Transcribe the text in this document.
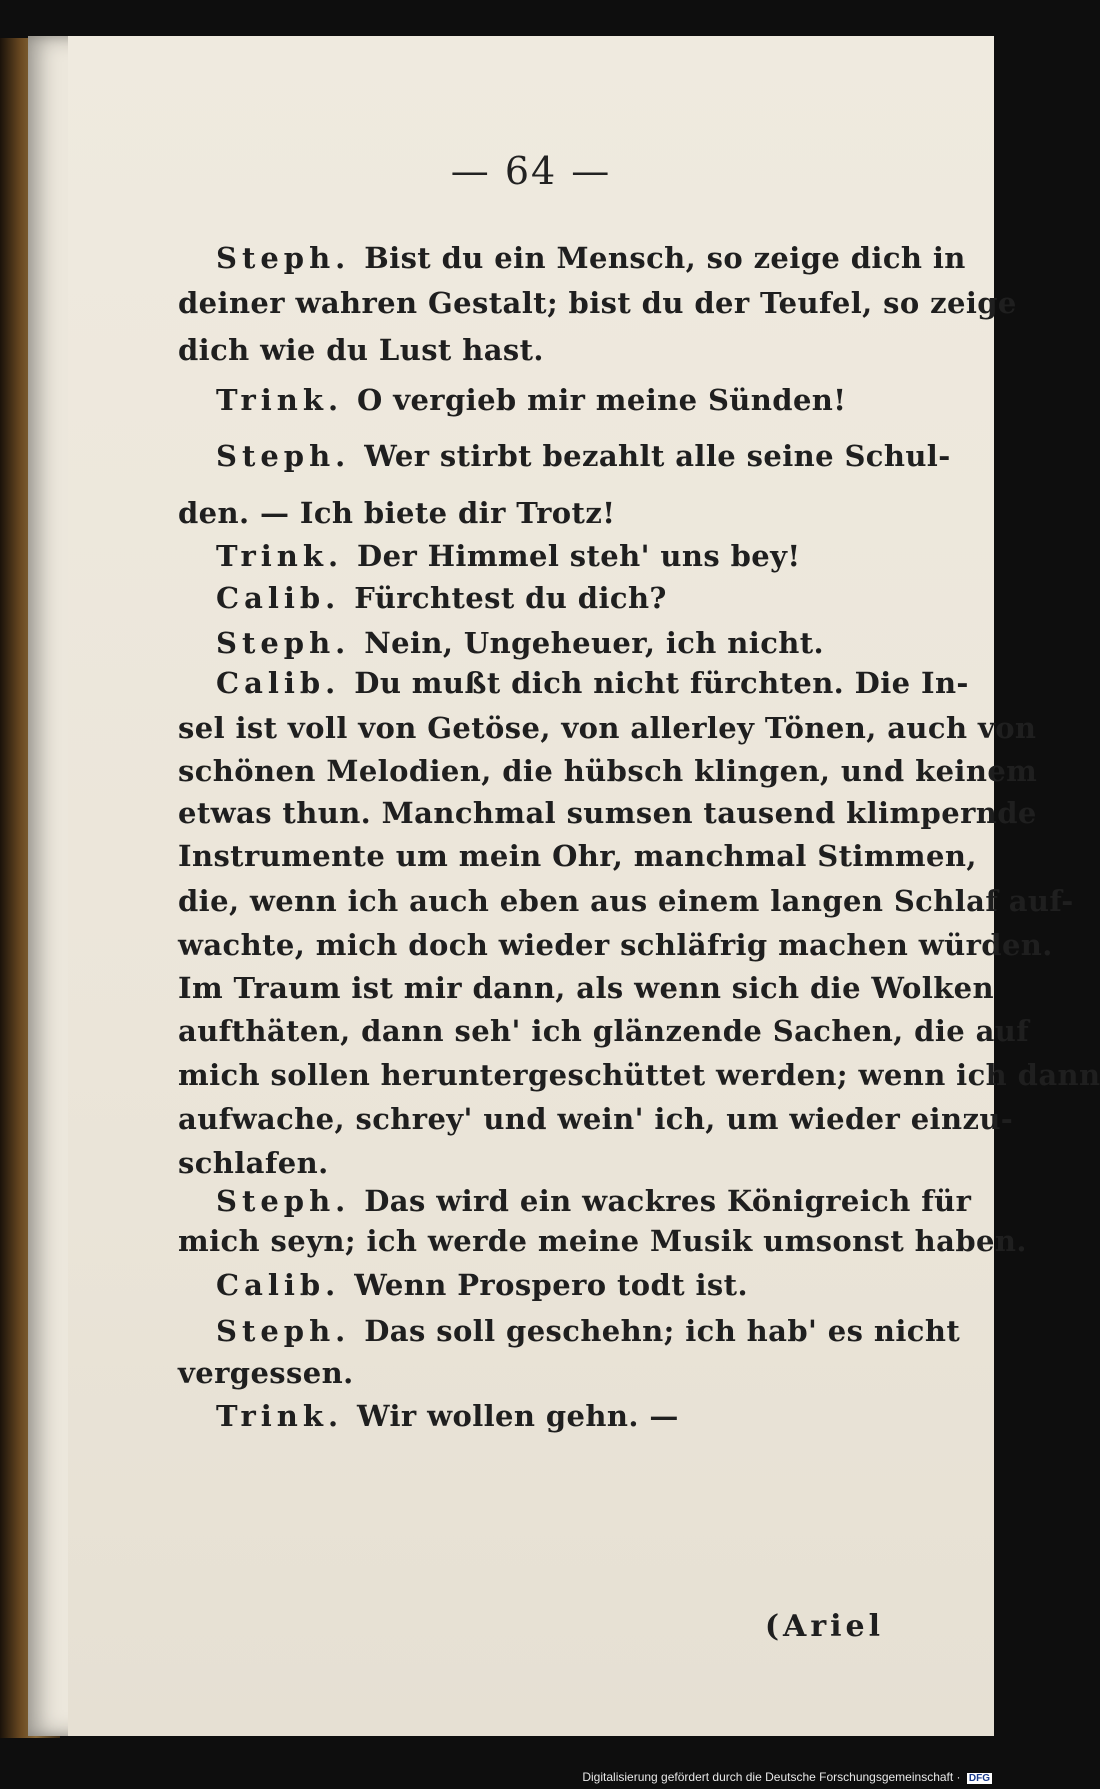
— 64 —
Steph. Bist du ein Mensch, so zeige dich in
deiner wahren Gestalt; bist du der Teufel, so zeige
dich wie du Lust hast.
Trink. O vergieb mir meine Sünden!
Steph. Wer stirbt bezahlt alle seine Schul-
den. — Ich biete dir Trotz!
Trink. Der Himmel steh' uns bey!
Calib. Fürchtest du dich?
Steph. Nein, Ungeheuer, ich nicht.
Calib. Du mußt dich nicht fürchten. Die In-
sel ist voll von Getöse, von allerley Tönen, auch von
schönen Melodien, die hübsch klingen, und keinem
etwas thun. Manchmal sumsen tausend klimpernde
Instrumente um mein Ohr, manchmal Stimmen,
die, wenn ich auch eben aus einem langen Schlaf auf-
wachte, mich doch wieder schläfrig machen würden.
Im Traum ist mir dann, als wenn sich die Wolken
aufthäten, dann seh' ich glänzende Sachen, die auf
mich sollen heruntergeschüttet werden; wenn ich dann
aufwache, schrey' und wein' ich, um wieder einzu-
schlafen.
Steph. Das wird ein wackres Königreich für
mich seyn; ich werde meine Musik umsonst haben.
Calib. Wenn Prospero todt ist.
Steph. Das soll geschehn; ich hab' es nicht
vergessen.
Trink. Wir wollen gehn. —
(Ariel
Digitalisierung gefördert durch die Deutsche Forschungsgemeinschaft · DFG
